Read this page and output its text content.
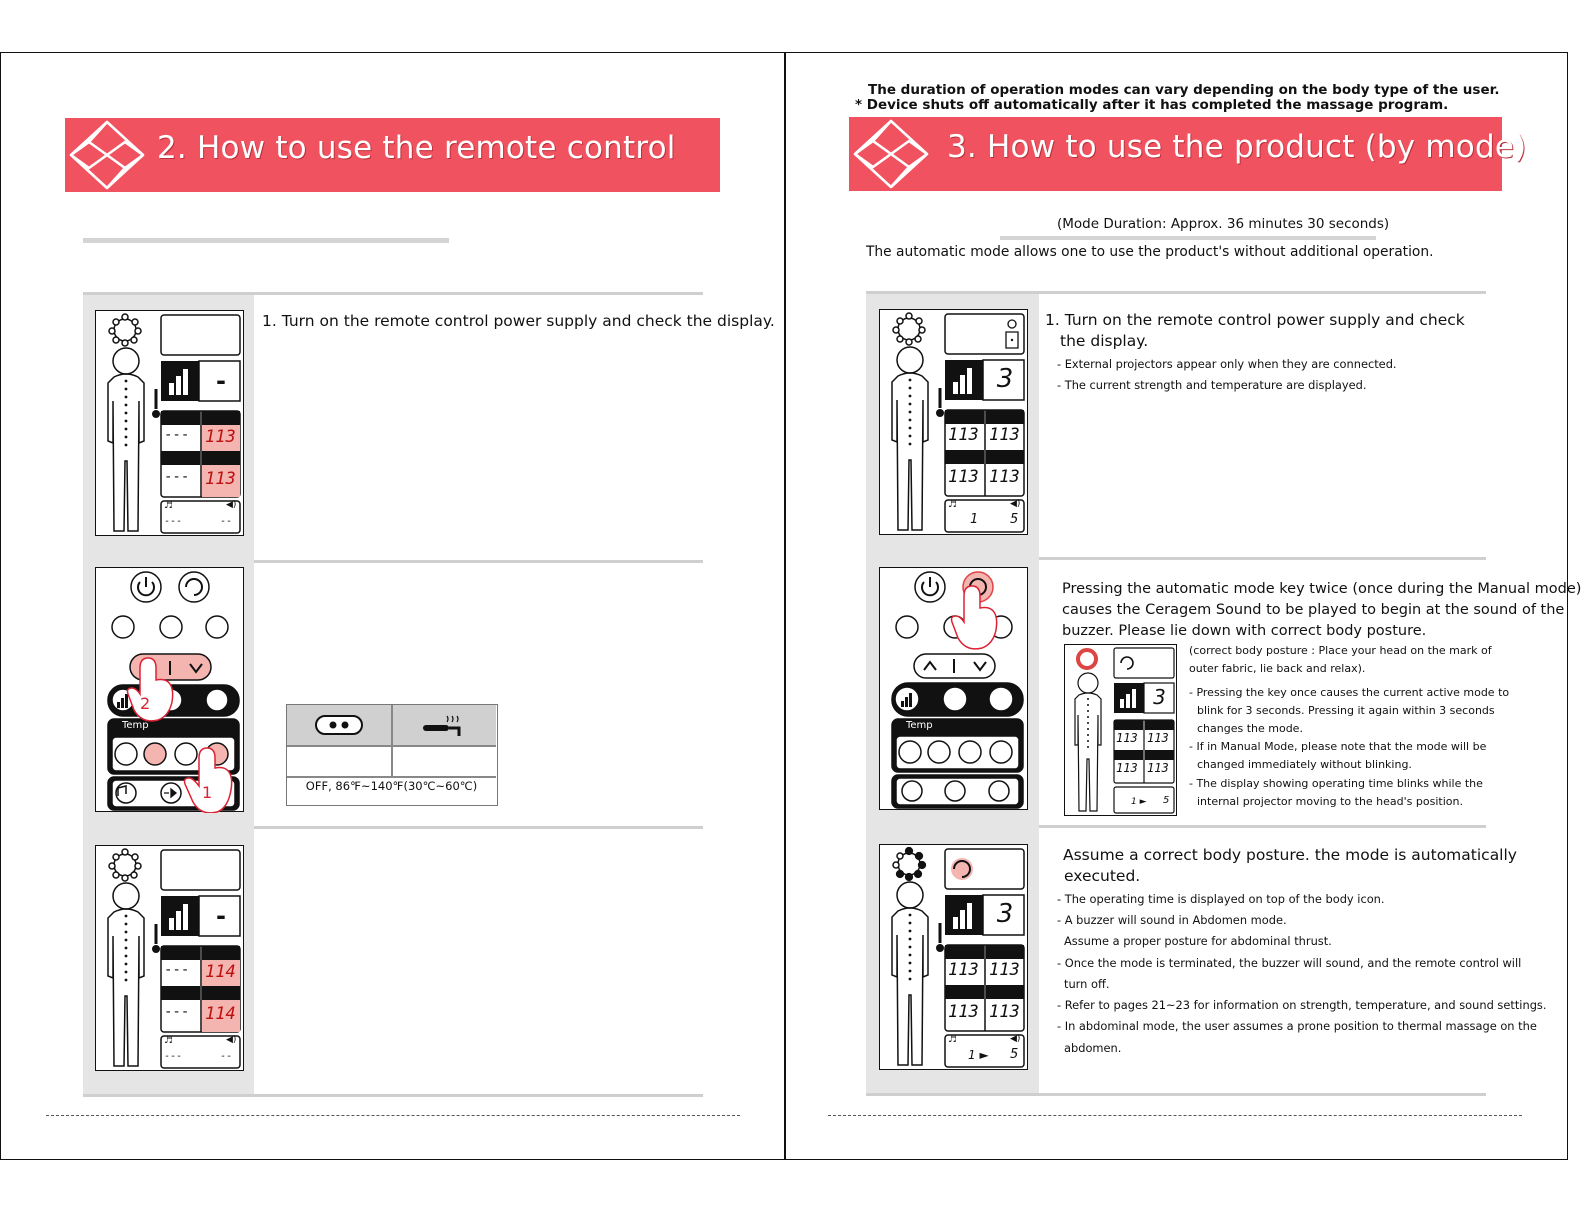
2. How to use the remote control
-
--- 113
--- 113
♬	◀)
---	--
1. Turn on the remote control power supply and check the display.
2
1
Temp
OFF, 86℉~140℉(30℃~60℃)
-
--- 114
--- 114
♬	◀)
---	--
The duration of operation modes can vary depending on the body type of the user.
* Device shuts off automatically after it has completed the massage program.
3. How to use the product (by mode)
(Mode Duration: Approx. 36 minutes 30 seconds)
The automatic mode allows one to use the product's without additional operation.
3
113 113
113 113
♬	◀)
1 5
1. Turn on the remote control power supply and check
the display.
- External projectors appear only when they are connected.
- The current strength and temperature are displayed.
Temp
Pressing the automatic mode key twice (once during the Manual mode)
causes the Ceragem Sound to be played to begin at the sound of the
buzzer. Please lie down with correct body posture.
3
113 113
113 113
1 ► 5
(correct body posture : Place your head on the mark of
outer fabric, lie back and relax).
- Pressing the key once causes the current active mode to
blink for 3 seconds. Pressing it again within 3 seconds
changes the mode.
- If in Manual Mode, please note that the mode will be
changed immediately without blinking.
- The display showing operating time blinks while the
internal projector moving to the head's position.
3
113 113
113 113
♬	◀)
1 ► 5
Assume a correct body posture. the mode is automatically
executed.
- The operating time is displayed on top of the body icon.
- A buzzer will sound in Abdomen mode.
Assume a proper posture for abdominal thrust.
- Once the mode is terminated, the buzzer will sound, and the remote control will
turn off.
- Refer to pages 21~23 for information on strength, temperature, and sound settings.
- In abdominal mode, the user assumes a prone position to thermal massage on the
abdomen.
